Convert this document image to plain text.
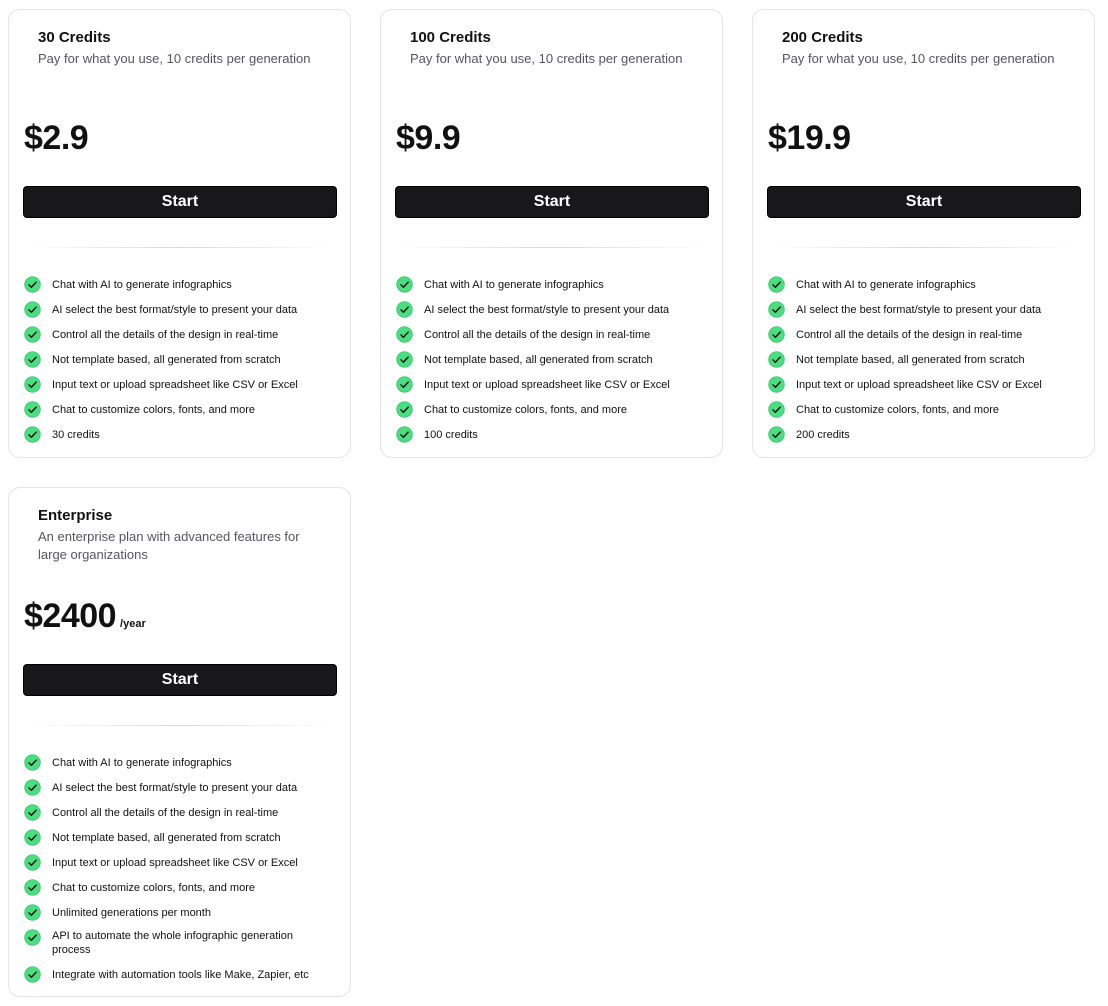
30 Credits

Pay for what you use, 10 credits per generation

$2.9
Start
Chat with AI to generate infographics
AI select the best format/style to present your data
Control all the details of the design in real-time
Not template based, all generated from scratch
Input text or upload spreadsheet like CSV or Excel
Chat to customize colors, fonts, and more
30 credits
100 Credits

Pay for what you use, 10 credits per generation

$9.9
Start
Chat with AI to generate infographics
AI select the best format/style to present your data
Control all the details of the design in real-time
Not template based, all generated from scratch
Input text or upload spreadsheet like CSV or Excel
Chat to customize colors, fonts, and more
100 credits
200 Credits

Pay for what you use, 10 credits per generation

$19.9
Start
Chat with AI to generate infographics
AI select the best format/style to present your data
Control all the details of the design in real-time
Not template based, all generated from scratch
Input text or upload spreadsheet like CSV or Excel
Chat to customize colors, fonts, and more
200 credits
Enterprise

An enterprise plan with advanced features for large organizations

$2400 /year
Start
Chat with AI to generate infographics
AI select the best format/style to present your data
Control all the details of the design in real-time
Not template based, all generated from scratch
Input text or upload spreadsheet like CSV or Excel
Chat to customize colors, fonts, and more
Unlimited generations per month
API to automate the whole infographic generation process
Integrate with automation tools like Make, Zapier, etc
